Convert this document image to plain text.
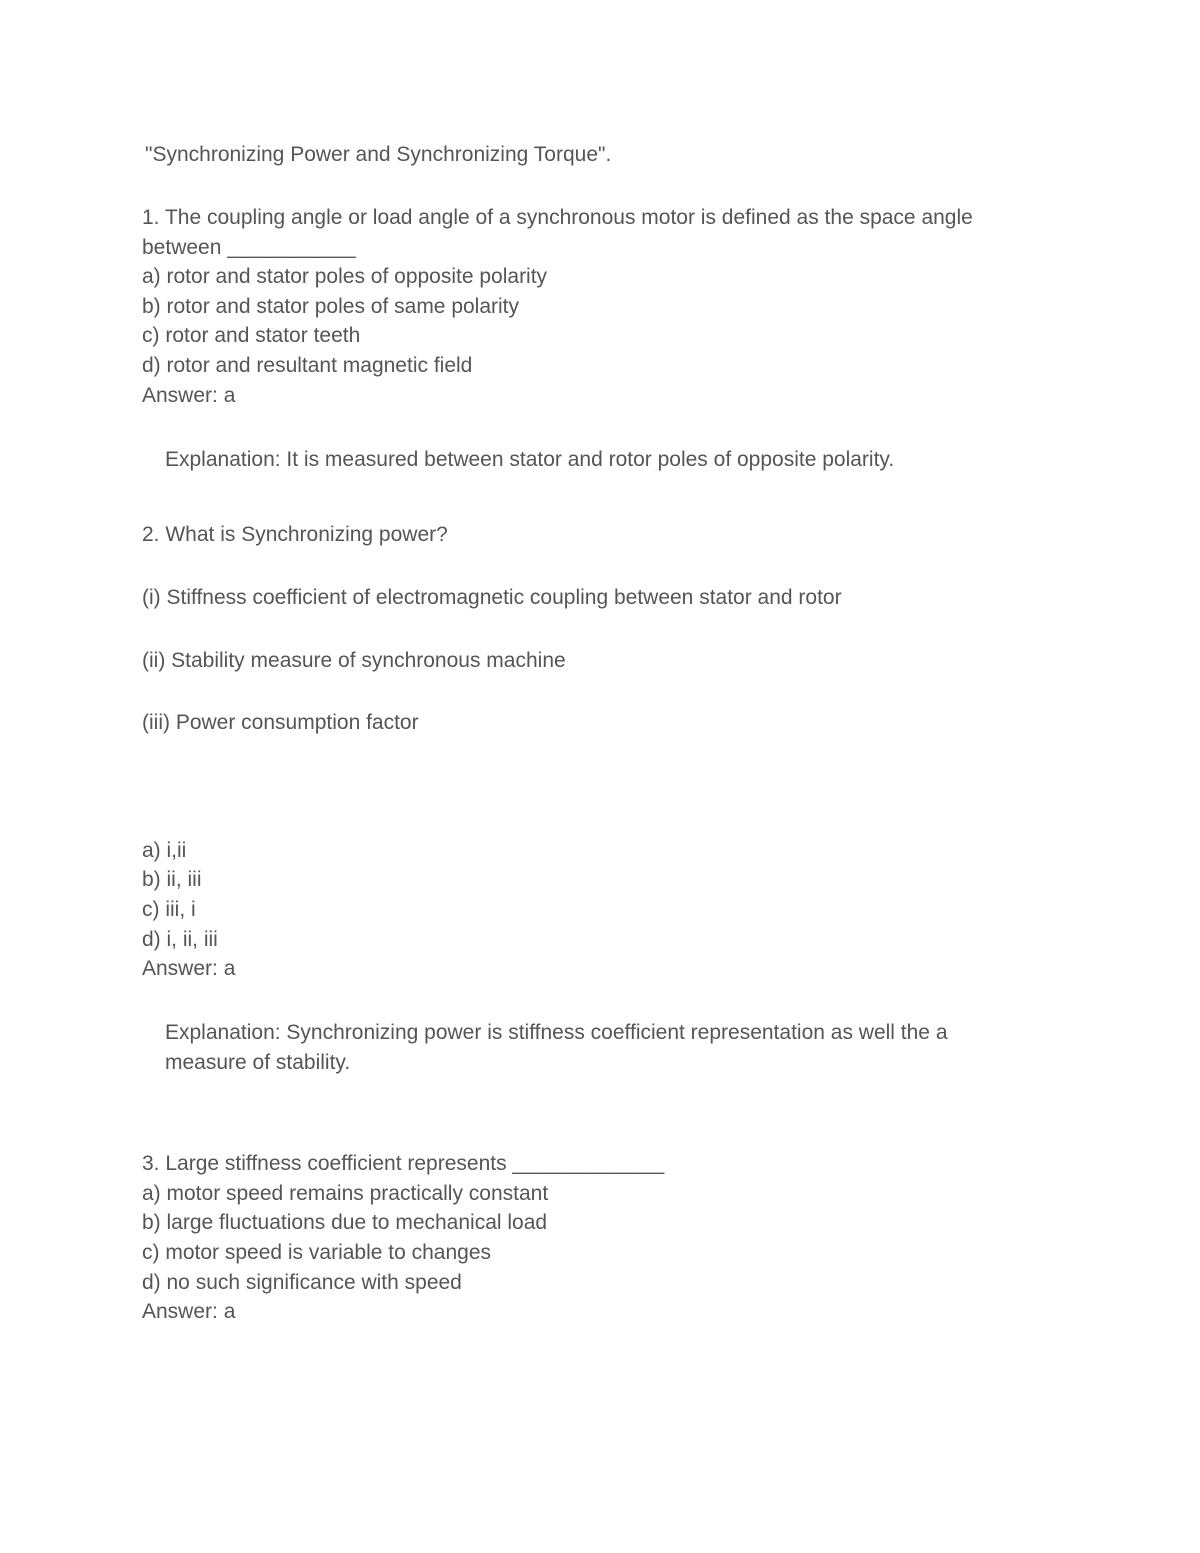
"Synchronizing Power and Synchronizing Torque".
1. The coupling angle or load angle of a synchronous motor is defined as the space angle
between ___________
a) rotor and stator poles of opposite polarity
b) rotor and stator poles of same polarity
c) rotor and stator teeth
d) rotor and resultant magnetic field
Answer: a
Explanation: It is measured between stator and rotor poles of opposite polarity.
2. What is Synchronizing power?
(i) Stiffness coefficient of electromagnetic coupling between stator and rotor
(ii) Stability measure of synchronous machine
(iii) Power consumption factor
a) i,ii
b) ii, iii
c) iii, i
d) i, ii, iii
Answer: a
Explanation: Synchronizing power is stiffness coefficient representation as well the a
measure of stability.
3. Large stiffness coefficient represents _____________
a) motor speed remains practically constant
b) large fluctuations due to mechanical load
c) motor speed is variable to changes
d) no such significance with speed
Answer: a
